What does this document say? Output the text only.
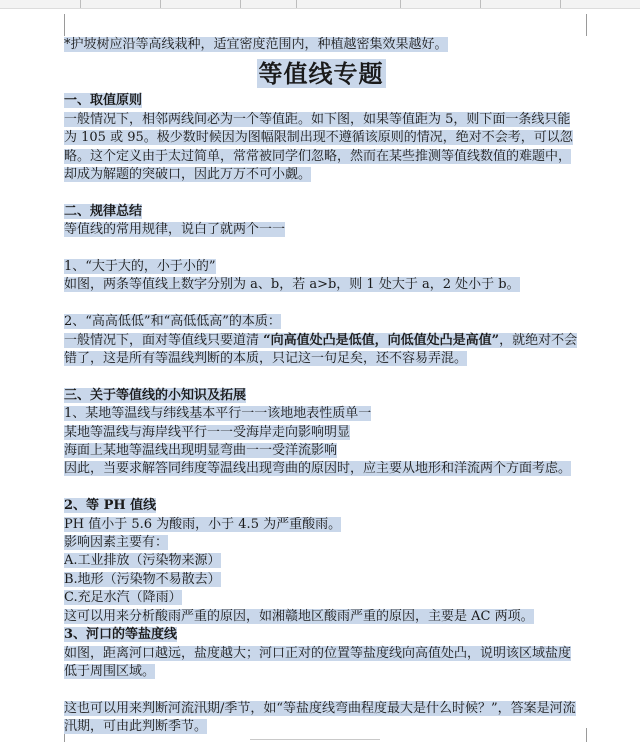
*护坡树应沿等高线栽种，适宜密度范围内，种植越密集效果越好。
等值线专题
一、取值原则
一般情况下，相邻两线间必为一个等值距。如下图，如果等值距为 5，则下面一条线只能为 105 或 95。极少数时候因为图幅限制出现不遵循该原则的情况，绝对不会考，可以忽略。这个定义由于太过简单，常常被同学们忽略，然而在某些推测等值线数值的难题中，却成为解题的突破口，因此万万不可小觑。
二、规律总结
等值线的常用规律，说白了就两个一一
1、“大于大的，小于小的”
如图，两条等值线上数字分别为 a、b，若 a>b，则 1 处大于 a，2 处小于 b。
2、“高高低低”和“高低低高”的本质：
一般情况下，面对等值线只要道清 “向高值处凸是低值，向低值处凸是高值”，就绝对不会错了，这是所有等温线判断的本质，只记这一句足矣，还不容易弄混。
三、关于等值线的小知识及拓展
1、某地等温线与纬线基本平行一一该地地表性质单一
某地等温线与海岸线平行一一受海岸走向影响明显
海面上某地等温线出现明显弯曲一一受洋流影响
因此，当要求解答同纬度等温线出现弯曲的原因时，应主要从地形和洋流两个方面考虑。
2、等 PH 值线
PH 值小于 5.6 为酸雨，小于 4.5 为严重酸雨。
影响因素主要有：
A.工业排放（污染物来源）
B.地形（污染物不易散去）
C.充足水汽（降雨）
这可以用来分析酸雨严重的原因，如湘赣地区酸雨严重的原因，主要是 AC 两项。
3、河口的等盐度线
如图，距离河口越远，盐度越大；河口正对的位置等盐度线向高值处凸，说明该区域盐度低于周围区域。
这也可以用来判断河流汛期/季节，如“等盐度线弯曲程度最大是什么时候？”，答案是河流汛期，可由此判断季节。
